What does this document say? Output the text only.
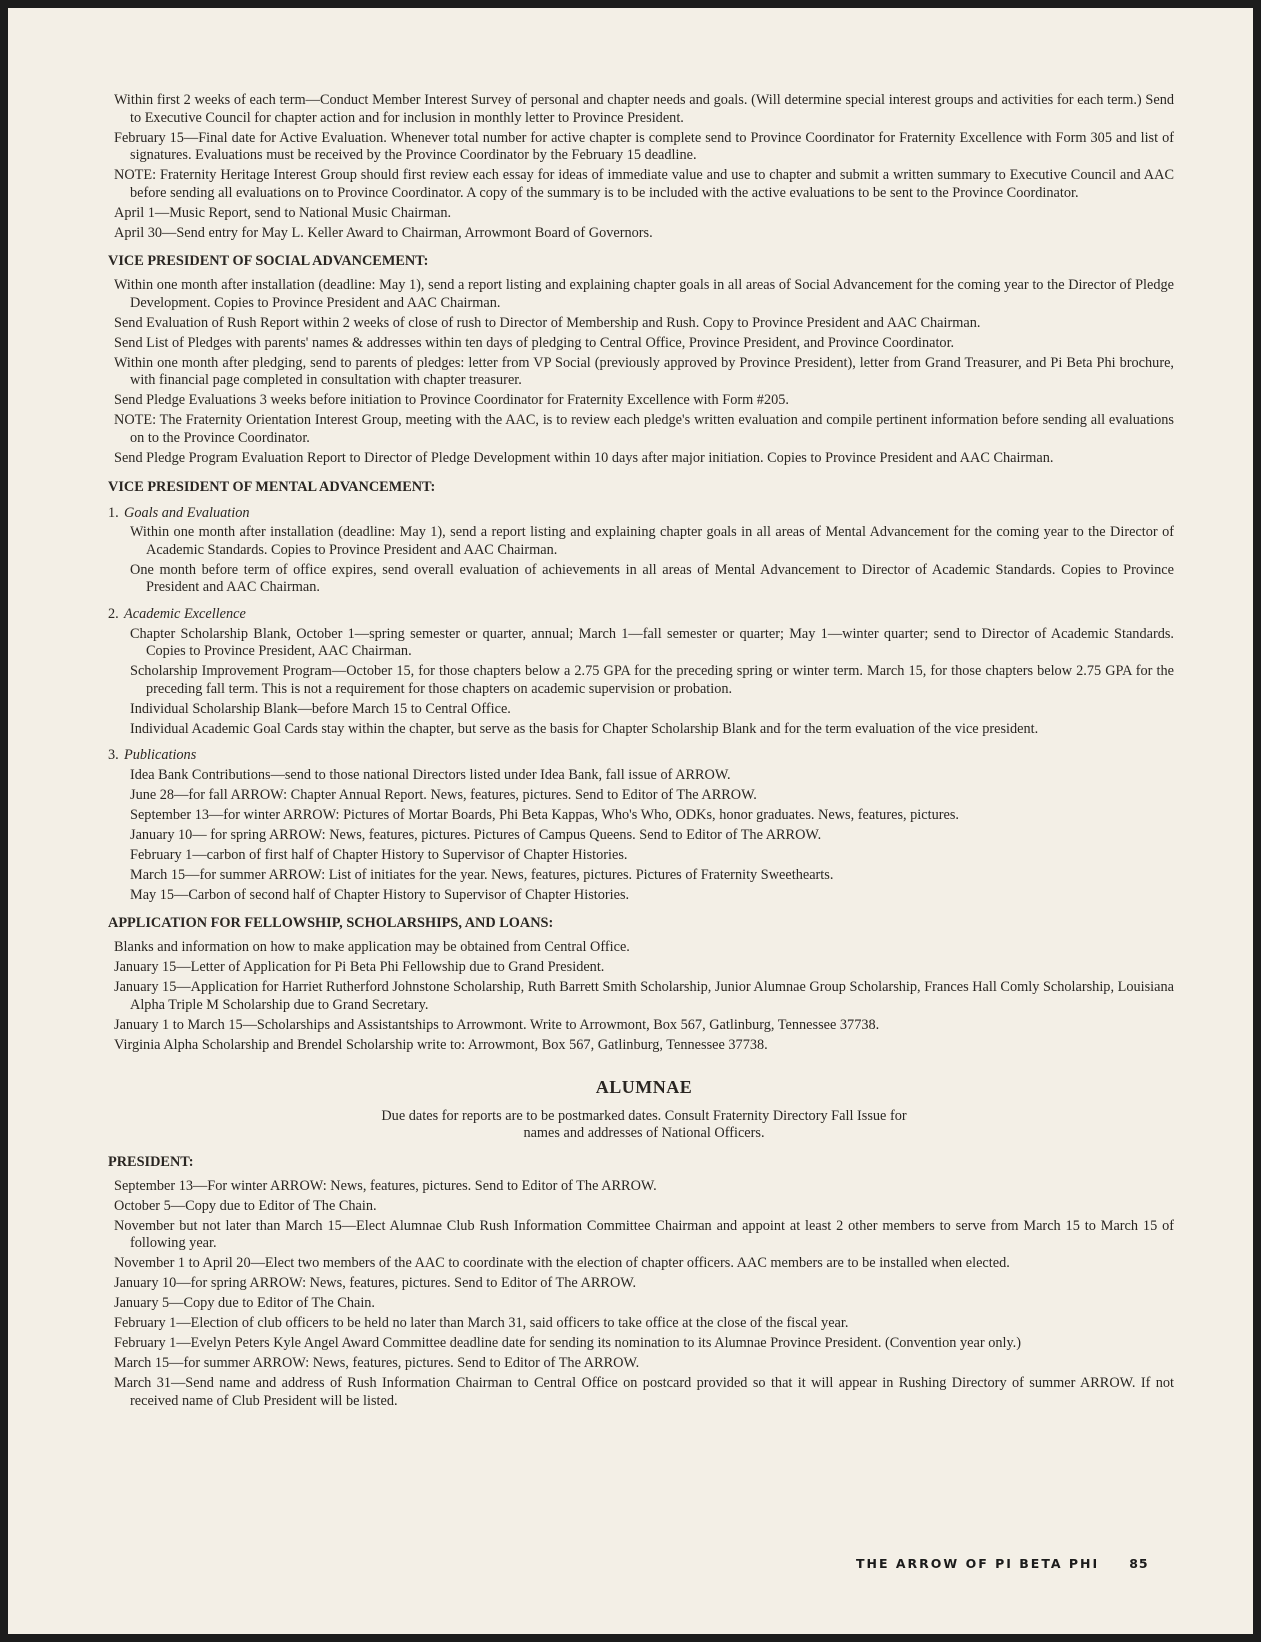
Within first 2 weeks of each term—Conduct Member Interest Survey of personal and chapter needs and goals. (Will determine special interest groups and activities for each term.) Send to Executive Council for chapter action and for inclusion in monthly letter to Province President.

February 15—Final date for Active Evaluation. Whenever total number for active chapter is complete send to Province Coordinator for Fraternity Excellence with Form 305 and list of signatures. Evaluations must be received by the Province Coordinator by the February 15 deadline.

NOTE: Fraternity Heritage Interest Group should first review each essay for ideas of immediate value and use to chapter and submit a written summary to Executive Council and AAC before sending all evaluations on to Province Coordinator. A copy of the summary is to be included with the active evaluations to be sent to the Province Coordinator.

April 1—Music Report, send to National Music Chairman.

April 30—Send entry for May L. Keller Award to Chairman, Arrowmont Board of Governors.

VICE PRESIDENT OF SOCIAL ADVANCEMENT:

Within one month after installation (deadline: May 1), send a report listing and explaining chapter goals in all areas of Social Advancement for the coming year to the Director of Pledge Development. Copies to Province President and AAC Chairman.

Send Evaluation of Rush Report within 2 weeks of close of rush to Director of Membership and Rush. Copy to Province President and AAC Chairman.

Send List of Pledges with parents' names & addresses within ten days of pledging to Central Office, Province President, and Province Coordinator.

Within one month after pledging, send to parents of pledges: letter from VP Social (previously approved by Province President), letter from Grand Treasurer, and Pi Beta Phi brochure, with financial page completed in consultation with chapter treasurer.

Send Pledge Evaluations 3 weeks before initiation to Province Coordinator for Fraternity Excellence with Form #205.

NOTE: The Fraternity Orientation Interest Group, meeting with the AAC, is to review each pledge's written evaluation and compile pertinent information before sending all evaluations on to the Province Coordinator.

Send Pledge Program Evaluation Report to Director of Pledge Development within 10 days after major initiation. Copies to Province President and AAC Chairman.

VICE PRESIDENT OF MENTAL ADVANCEMENT:
1. Goals and Evaluation

Within one month after installation (deadline: May 1), send a report listing and explaining chapter goals in all areas of Mental Advancement for the coming year to the Director of Academic Standards. Copies to Province President and AAC Chairman.

One month before term of office expires, send overall evaluation of achievements in all areas of Mental Advancement to Director of Academic Standards. Copies to Province President and AAC Chairman.

2. Academic Excellence

Chapter Scholarship Blank, October 1—spring semester or quarter, annual; March 1—fall semester or quarter; May 1—winter quarter; send to Director of Academic Standards. Copies to Province President, AAC Chairman.

Scholarship Improvement Program—October 15, for those chapters below a 2.75 GPA for the preceding spring or winter term. March 15, for those chapters below 2.75 GPA for the preceding fall term. This is not a requirement for those chapters on academic supervision or probation.

Individual Scholarship Blank—before March 15 to Central Office.

Individual Academic Goal Cards stay within the chapter, but serve as the basis for Chapter Scholarship Blank and for the term evaluation of the vice president.

3. Publications

Idea Bank Contributions—send to those national Directors listed under Idea Bank, fall issue of ARROW.

June 28—for fall ARROW: Chapter Annual Report. News, features, pictures. Send to Editor of The ARROW.

September 13—for winter ARROW: Pictures of Mortar Boards, Phi Beta Kappas, Who's Who, ODKs, honor graduates. News, features, pictures.

January 10— for spring ARROW: News, features, pictures. Pictures of Campus Queens. Send to Editor of The ARROW.

February 1—carbon of first half of Chapter History to Supervisor of Chapter Histories.

March 15—for summer ARROW: List of initiates for the year. News, features, pictures. Pictures of Fraternity Sweethearts.

May 15—Carbon of second half of Chapter History to Supervisor of Chapter Histories.

APPLICATION FOR FELLOWSHIP, SCHOLARSHIPS, AND LOANS:

Blanks and information on how to make application may be obtained from Central Office.

January 15—Letter of Application for Pi Beta Phi Fellowship due to Grand President.

January 15—Application for Harriet Rutherford Johnstone Scholarship, Ruth Barrett Smith Scholarship, Junior Alumnae Group Scholarship, Frances Hall Comly Scholarship, Louisiana Alpha Triple M Scholarship due to Grand Secretary.

January 1 to March 15—Scholarships and Assistantships to Arrowmont. Write to Arrowmont, Box 567, Gatlinburg, Tennessee 37738.

Virginia Alpha Scholarship and Brendel Scholarship write to: Arrowmont, Box 567, Gatlinburg, Tennessee 37738.

ALUMNAE
Due dates for reports are to be postmarked dates. Consult Fraternity Directory Fall Issue for
names and addresses of National Officers.
PRESIDENT:

September 13—For winter ARROW: News, features, pictures. Send to Editor of The ARROW.

October 5—Copy due to Editor of The Chain.

November but not later than March 15—Elect Alumnae Club Rush Information Committee Chairman and appoint at least 2 other members to serve from March 15 to March 15 of following year.

November 1 to April 20—Elect two members of the AAC to coordinate with the election of chapter officers. AAC members are to be installed when elected.

January 10—for spring ARROW: News, features, pictures. Send to Editor of The ARROW.

January 5—Copy due to Editor of The Chain.

February 1—Election of club officers to be held no later than March 31, said officers to take office at the close of the fiscal year.

February 1—Evelyn Peters Kyle Angel Award Committee deadline date for sending its nomination to its Alumnae Province President. (Convention year only.)

March 15—for summer ARROW: News, features, pictures. Send to Editor of The ARROW.

March 31—Send name and address of Rush Information Chairman to Central Office on postcard provided so that it will appear in Rushing Directory of summer ARROW. If not received name of Club President will be listed.

THE ARROW OF PI BETA PHI 85
